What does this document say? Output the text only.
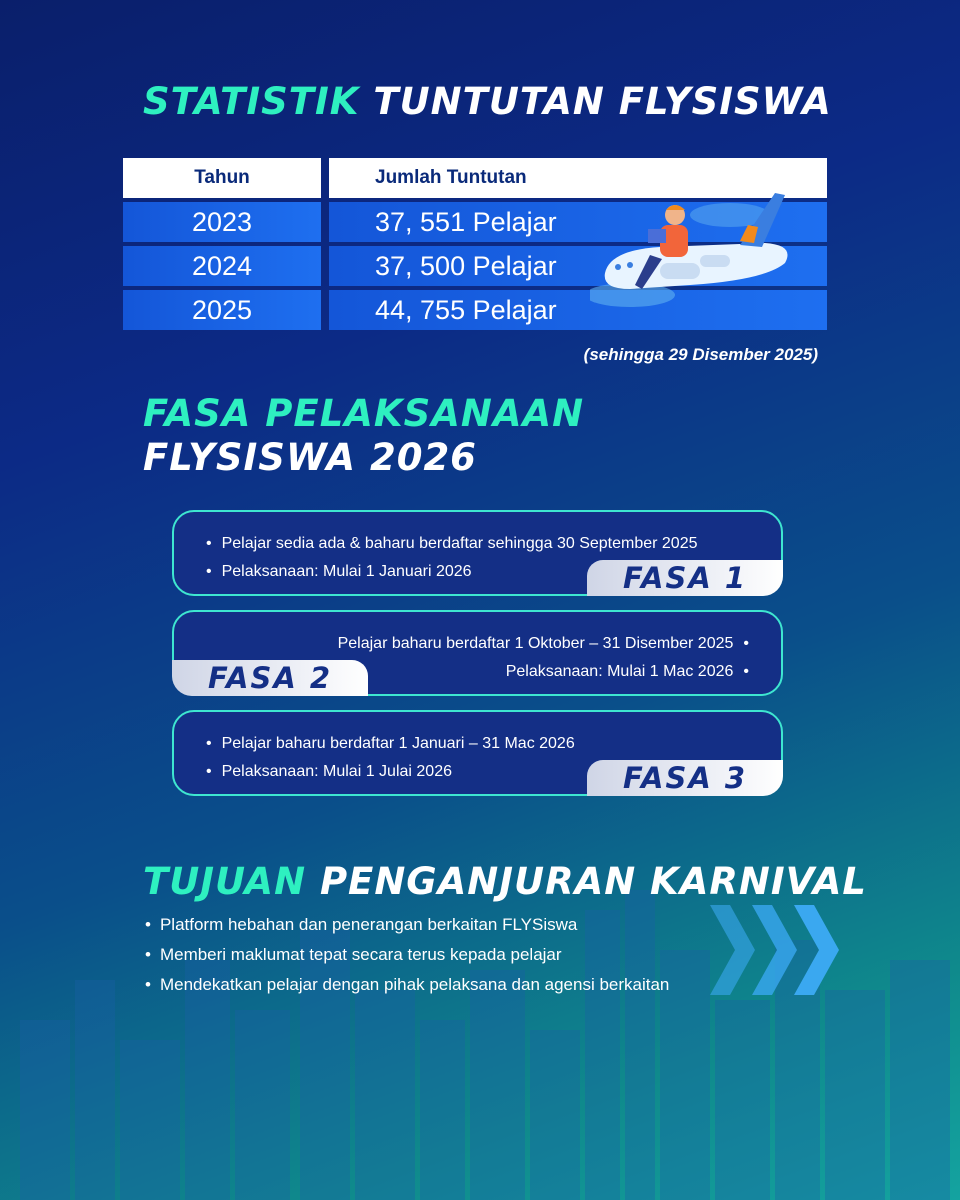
STATISTIK TUNTUTAN FLYSISWA
Tahun	Jumlah Tuntutan
2023	37, 551 Pelajar
2024	37, 500 Pelajar
2025	44, 755 Pelajar
(sehingga 29 Disember 2025)
FASA PELAKSANAAN
FLYSISWA 2026
• Pelajar sedia ada & baharu berdaftar sehingga 30 September 2025
• Pelaksanaan: Mulai 1 Januari 2026	FASA 1
Pelajar baharu berdaftar 1 Oktober – 31 Disember 2025 •
Pelaksanaan: Mulai 1 Mac 2026 •
FASA 2
• Pelajar baharu berdaftar 1 Januari – 31 Mac 2026
• Pelaksanaan: Mulai 1 Julai 2026	FASA 3
TUJUAN PENGANJURAN KARNIVAL
• Platform hebahan dan penerangan berkaitan FLYSiswa
• Memberi maklumat tepat secara terus kepada pelajar
• Mendekatkan pelajar dengan pihak pelaksana dan agensi berkaitan
